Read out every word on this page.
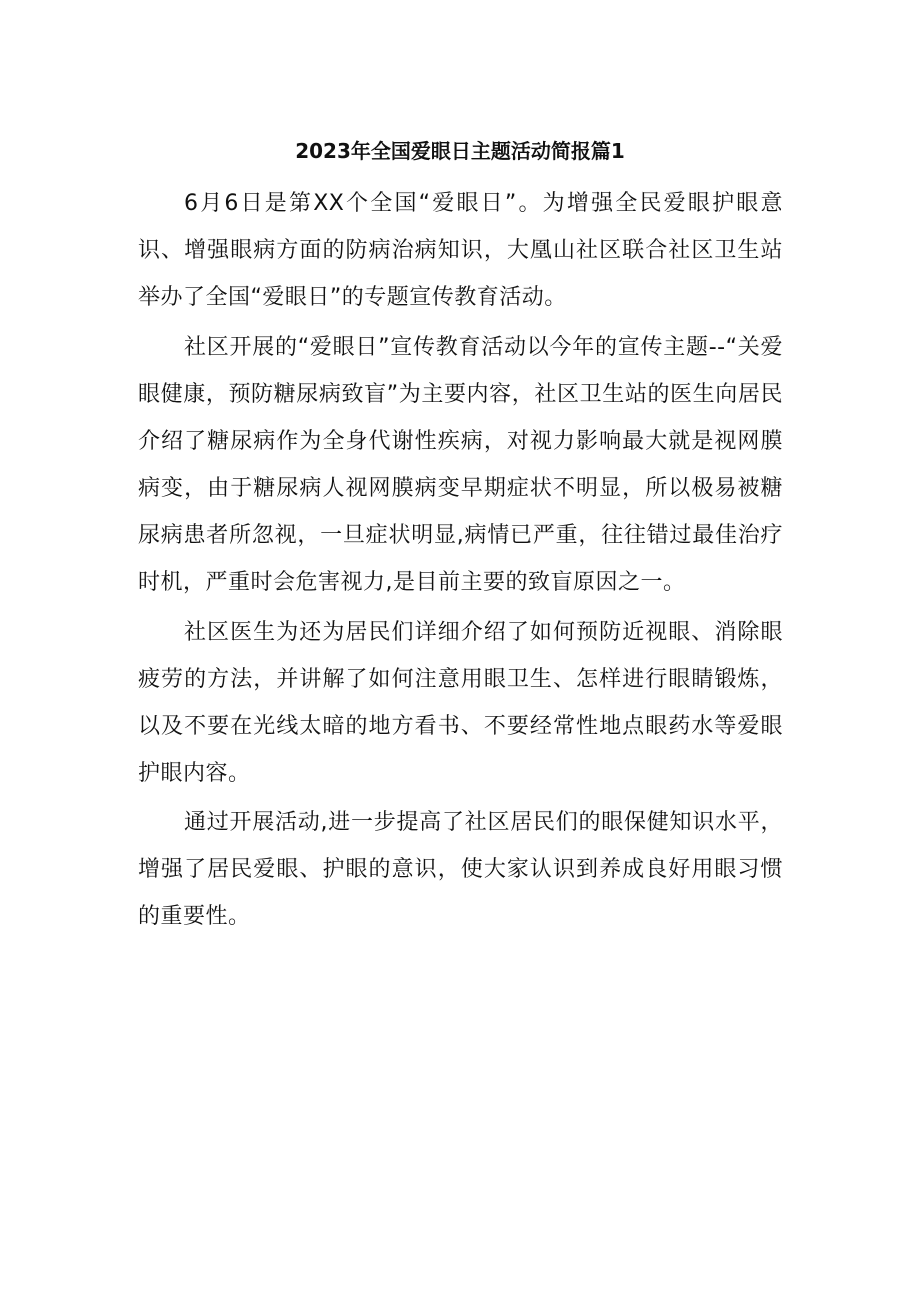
2023年全国爱眼日主题活动简报篇1

6月6日是第XX个全国“爱眼日”。为增强全民爱眼护眼意识、增强眼病方面的防病治病知识，大凰山社区联合社区卫生站举办了全国“爱眼日”的专题宣传教育活动。

社区开展的“爱眼日”宣传教育活动以今年的宣传主题--“关爱眼健康，预防糖尿病致盲”为主要内容，社区卫生站的医生向居民介绍了糖尿病作为全身代谢性疾病，对视力影响最大就是视网膜病变，由于糖尿病人视网膜病变早期症状不明显，所以极易被糖尿病患者所忽视，一旦症状明显,病情已严重，往往错过最佳治疗时机，严重时会危害视力,是目前主要的致盲原因之一。

社区医生为还为居民们详细介绍了如何预防近视眼、消除眼疲劳的方法，并讲解了如何注意用眼卫生、怎样进行眼睛锻炼，以及不要在光线太暗的地方看书、不要经常性地点眼药水等爱眼护眼内容。

通过开展活动,进一步提高了社区居民们的眼保健知识水平，增强了居民爱眼、护眼的意识，使大家认识到养成良好用眼习惯的重要性。
